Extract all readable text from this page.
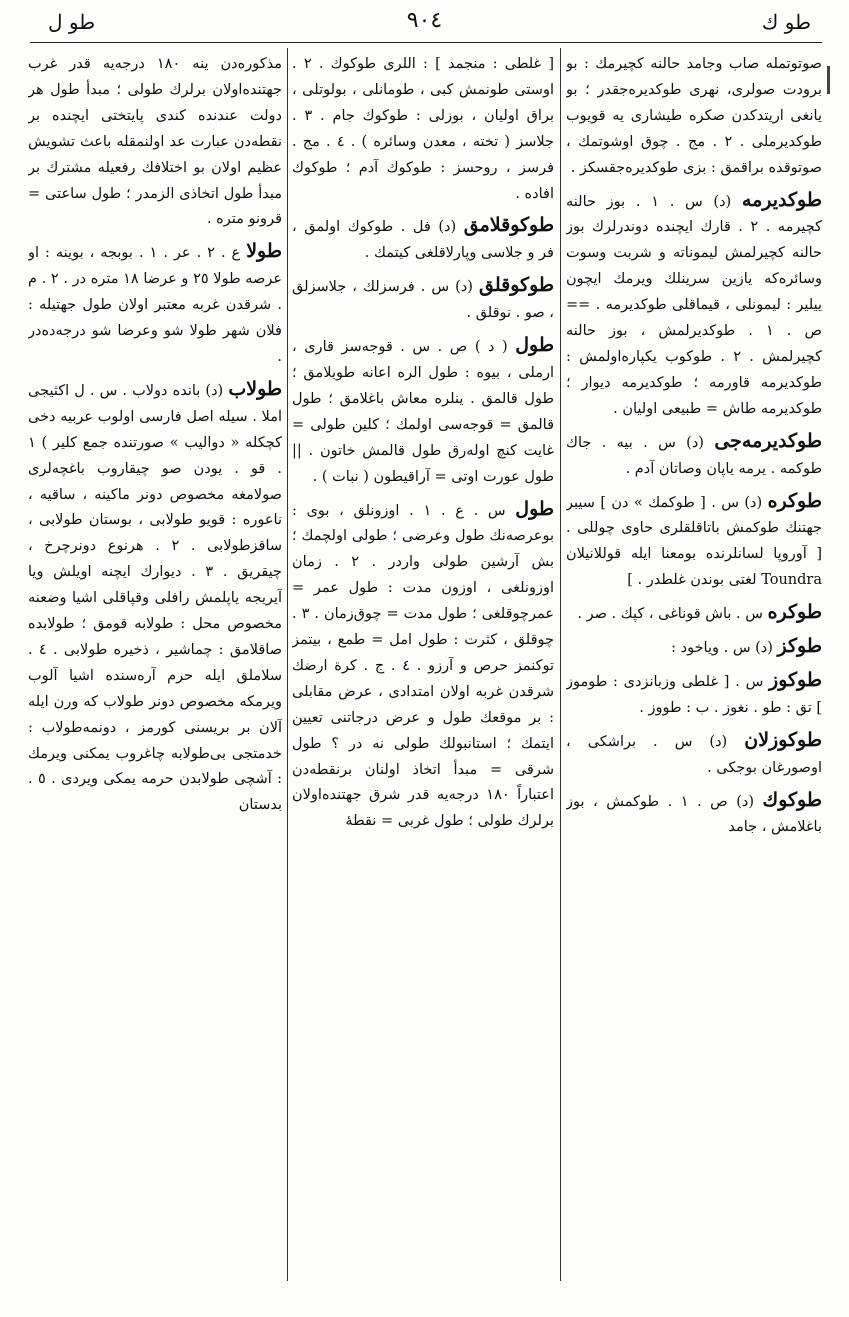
طو ك
٩٠٤
طو ل

صوتوتمله صاب وجامد حالنه كچيرمك : بو برودت صولری، نهری طوكديره‌جقدر ؛ بو يانغی اريتدكدن صكره طيشاری يه قويوب طوكديرملی . ٢ . مج . چوق اوشوتمك ، صوتوقده براقمق : بزی طوكديره‌جقسكز .

طوكديرمه (د) س . ١ . بوز حالنه كچيرمه . ٢ . قارك ايچنده دوندرلرك بوز حالنه كچيرلمش ليموناته و شربت وسوت وسائره‌كه يازين سرينلك ويرمك ايچون ييلير : ليمونلی ، قيماقلی طوكديرمه . == ص . ١ . طوكديرلمش ، بوز حالنه كچيرلمش . ٢ . طوكوب يكپاره‌اولمش : طوكديرمه قاورمه ؛ طوكديرمه ديوار ؛ طوكديرمه طاش = طبيعی اوليان .

طوكديرمه‌جی (د) س . بيه . جاك طوكمه . يرمه ياپان وصاتان آدم .

طوكره (د) س . [ طوكمك » دن ] سيبر جهتنك طوكمش باتاقلقلری حاوی چوللی . [ آوروپا لسانلرنده بومعنا ايله قوللانيلان Toundra لغتی بوندن غلطدر . ]

طوكره س . باش قوناغی ، كپك . صر .

طوكز (د) س . وياخود :

طوكوز س . [ غلطی وزبانزدی : طوموز ] تق : طو . نغوز . ب : طووز .

طوكوزلان (د) س . براشكی ، اوصورغان بوجكی .

طوكوك (د) ص . ١ . طوكمش ، بوز باغلامش ، جامد

[ غلطی : منجمد ] : اللری طوكوك . ٢ . اوستی طونمش كبی ، طومانلی ، بولوتلی ، براق اوليان ، بوزلی : طوكوك جام . ٣ . جلاسز ( تخته ، معدن وسائره ) . ٤ . مج . فرسز ، روحسز : طوكوك آدم ؛ طوكوك افاده .

طوكوقلامق (د) فل . طوكوك اولمق ، فر و جلاسی وپارلاقلغی كيتمك .

طوكوقلق (د) س . فرسزلك ، جلاسزلق ، صو . نوقلق .

طول ( د ) ص . س . قوجه‌سز قاری ، ارملی ، بيوه : طول الره اعانه طوبلامق ؛ طول قالمق . ينلره معاش باغلامق ؛ طول قالمق = قوجه‌سی اولمك ؛ كلين طولی = غايت كنچ اوله‌رق طول قالمش خاتون . || طول عورت اوتی = آراقيطون ( نبات ) .

طول س . ع . ١ . اوزونلق ، بوی : بوعرصه‌نك طول وعرضی ؛ طولی اولچمك ؛ بش آرشين طولی واردر . ٢ . زمان اوزونلغی ، اوزون مدت : طول عمر = عمرچوقلغی ؛ طول مدت = چوق‌زمان . ٣ . چوقلق ، كثرت : طول امل = طمع ، بيتمز توكنمز حرص و آرزو . ٤ . ج . كرة ارضك شرقدن غربه اولان امتدادی ، عرض مقابلی : بر موقعك طول و عرض درجاتنی تعيين ايتمك ؛ استانبولك طولی نه در ؟ طول شرقی = مبدأ اتخاذ اولنان برنقطه‌دن اعتباراً ١٨٠ درجه‌يه قدر شرق جهتنده‌اولان برلرك طولی ؛ طول غربی = نقطهٔ

مذكوره‌دن ينه ١٨٠ درجه‌يه قدر غرب جهتنده‌اولان برلرك طولی ؛ مبدأ طول هر دولت عندنده كندی پايتختی ايچنده بر نقطه‌دن عبارت عد اولنمقله باعث تشويش عظيم اولان بو اختلافك رفعيله مشترك بر مبدأ طول اتخاذی الزمدر ؛ طول ساعتی = قرونو متره .

طولا ع . ٢ . عر . ١ . بوبجه ، بوينه : او عرصه طولا ٢٥ و عرضا ١٨ متره در . ٢ . م . شرقدن غربه معتبر اولان طول جهتيله : فلان شهر طولا شو وعرضا شو درجه‌ده‌در .

طولاب (د) بانده دولاب . س . ل اكثيجی املا . سيله اصل فارسی اولوب عربيه دخی كچكله « دواليب » صورتنده جمع كلير ) ١ . قو . يودن صو چيقاروب باغچه‌لری صولامغه مخصوص دونر ماكينه ، ساقيه ، ناعوره : قويو طولابی ، بوستان طولابی ، ساقزطولابی . ٢ . هرنوع دونرچرخ ، چيقريق . ٣ . ديوارك ايچنه اويلش ويا آيريجه ياپلمش رافلی وقپاقلی اشيا وضعنه مخصوص محل : طولابه قومق ؛ طولابده صاقلامق : چماشير ، ذخيره طولابی . ٤ . سلاملق ايله حرم آره‌سنده اشيا آلوب ويرمكه مخصوص دونر طولاب كه ورن ايله آلان بر بريسنی كورمز ، دونمه‌طولاب : خدمتجی بی‌طولابه چاغروب يمكنی ويرمك : آشچی طولابدن حرمه يمكی ويردی . ٥ . بدستان
